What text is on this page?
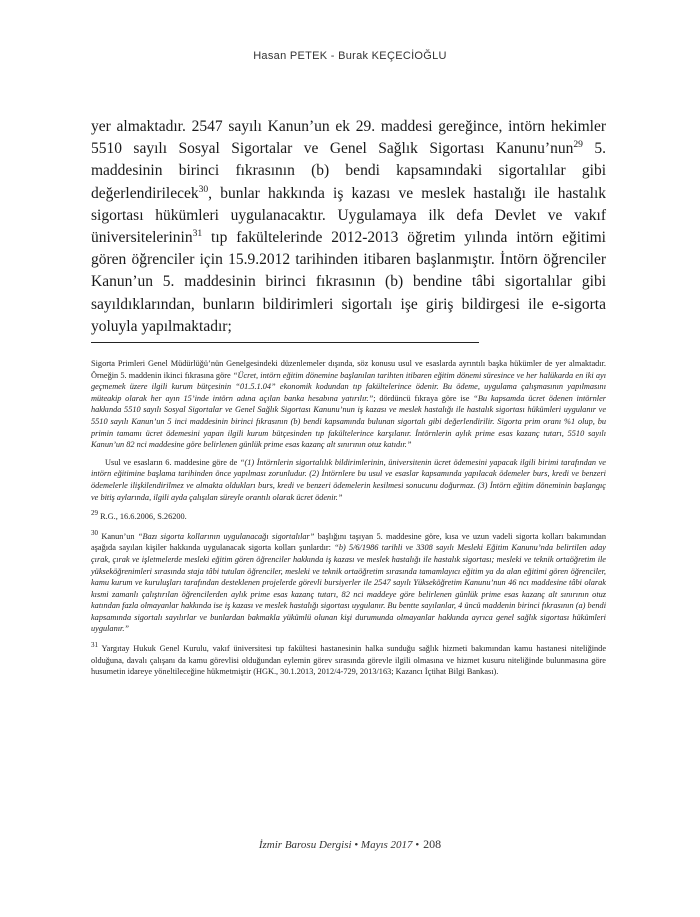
Hasan PETEK - Burak KEÇECİOĞLU
yer almaktadır. 2547 sayılı Kanun’un ek 29. maddesi gereğince, intörn hekimler 5510 sayılı Sosyal Sigortalar ve Genel Sağlık Sigortası Kanunu’nun$^{29}$ 5. maddesinin birinci fıkrasının (b) bendi kapsamındaki sigortalılar gibi değerlendirilecek$^{30}$, bunlar hakkında iş kazası ve meslek hastalığı ile hastalık sigortası hükümleri uygulanacaktır. Uygulamaya ilk defa Devlet ve vakıf üniversitelerinin$^{31}$ tıp fakültelerinde 2012-2013 öğretim yılında intörn eğitimi gören öğrenciler için 15.9.2012 tarihinden itibaren başlanmıştır. İntörn öğrenciler Kanun’un 5. maddesinin birinci fıkrasının (b) bendine tâbi sigortalılar gibi sayıldıklarından, bunların bildirimleri sigortalı işe giriş bildirgesi ile e-sigorta yoluyla yapılmaktadır;

Sigorta Primleri Genel Müdürlüğü’nün Genelgesindeki düzenlemeler dışında, söz konusu usul ve esaslarda ayrıntılı başka hükümler de yer almaktadır. Örneğin 5. maddenin ikinci fıkrasına göre “Ücret, intörn eğitim dönemine başlanılan tarihten itibaren eğitim dönemi süresince ve her halükarda en iki ayı geçmemek üzere ilgili kurum bütçesinin “01.5.1.04” ekonomik kodundan tıp fakültelerince ödenir. Bu ödeme, uygulama çalışmasının yapılmasını müteakip olarak her ayın 15’inde intörn adına açılan banka hesabına yatırılır.”; dördüncü fıkraya göre ise “Bu kapsamda ücret ödenen intörnler hakkında 5510 sayılı Sosyal Sigortalar ve Genel Sağlık Sigortası Kanunu’nun iş kazası ve meslek hastalığı ile hastalık sigortası hükümleri uygulanır ve 5510 sayılı Kanun’un 5 inci maddesinin birinci fıkrasının (b) bendi kapsamında bulunan sigortalı gibi değerlendirilir. Sigorta prim oranı %1 olup, bu primin tamamı ücret ödemesini yapan ilgili kurum bütçesinden tıp fakültelerince karşılanır. İntörnlerin aylık prime esas kazanç tutarı, 5510 sayılı Kanun’un 82 nci maddesine göre belirlenen günlük prime esas kazanç alt sınırının otuz katıdır.”

Usul ve esasların 6. maddesine göre de “(1) İntörnlerin sigortalılık bildirimlerinin, üniversitenin ücret ödemesini yapacak ilgili birimi tarafından ve intörn eğitimine başlama tarihinden önce yapılması zorunludur. (2) İntörnlere bu usul ve esaslar kapsamında yapılacak ödemeler burs, kredi ve benzeri ödemelerle ilişkilendirilmez ve almakta oldukları burs, kredi ve benzeri ödemelerin kesilmesi sonucunu doğurmaz. (3) İntörn eğitim döneminin başlangıç ve bitiş aylarında, ilgili ayda çalışılan süreyle orantılı olarak ücret ödenir.”

$^{29}$ R.G., 16.6.2006, S.26200.

$^{30}$ Kanun’un “Bazı sigorta kollarının uygulanacağı sigortalılar” başlığını taşıyan 5. maddesine göre, kısa ve uzun vadeli sigorta kolları bakımından aşağıda sayılan kişiler hakkında uygulanacak sigorta kolları şunlardır: “b) 5/6/1986 tarihli ve 3308 sayılı Mesleki Eğitim Kanunu’nda belirtilen aday çırak, çırak ve işletmelerde mesleki eğitim gören öğrenciler hakkında iş kazası ve meslek hastalığı ile hastalık sigortası; mesleki ve teknik ortaöğretim ile yükseköğrenimleri sırasında staja tâbi tutulan öğrenciler, mesleki ve teknik ortaöğretim sırasında tamamlayıcı eğitim ya da alan eğitimi gören öğrenciler, kamu kurum ve kuruluşları tarafından desteklenen projelerde görevli bursiyerler ile 2547 sayılı Yükseköğretim Kanunu’nun 46 ncı maddesine tâbi olarak kısmi zamanlı çalıştırılan öğrencilerden aylık prime esas kazanç tutarı, 82 nci maddeye göre belirlenen günlük prime esas kazanç alt sınırının otuz katından fazla olmayanlar hakkında ise iş kazası ve meslek hastalığı sigortası uygulanır. Bu bentte sayılanlar, 4 üncü maddenin birinci fıkrasının (a) bendi kapsamında sigortalı sayılırlar ve bunlardan bakmakla yükümlü olunan kişi durumunda olmayanlar hakkında ayrıca genel sağlık sigortası hükümleri uygulanır.”

$^{31}$ Yargıtay Hukuk Genel Kurulu, vakıf üniversitesi tıp fakültesi hastanesinin halka sunduğu sağlık hizmeti bakımından kamu hastanesi niteliğinde olduğuna, davalı çalışanı da kamu görevlisi olduğundan eylemin görev sırasında görevle ilgili olmasına ve hizmet kusuru niteliğinde bulunmasına göre husumetin idareye yöneltileceğine hükmetmiştir (HGK., 30.1.2013, 2012/4-729, 2013/163; Kazancı İçtihat Bilgi Bankası).

İzmir Barosu Dergisi • Mayıs 2017 • 208
